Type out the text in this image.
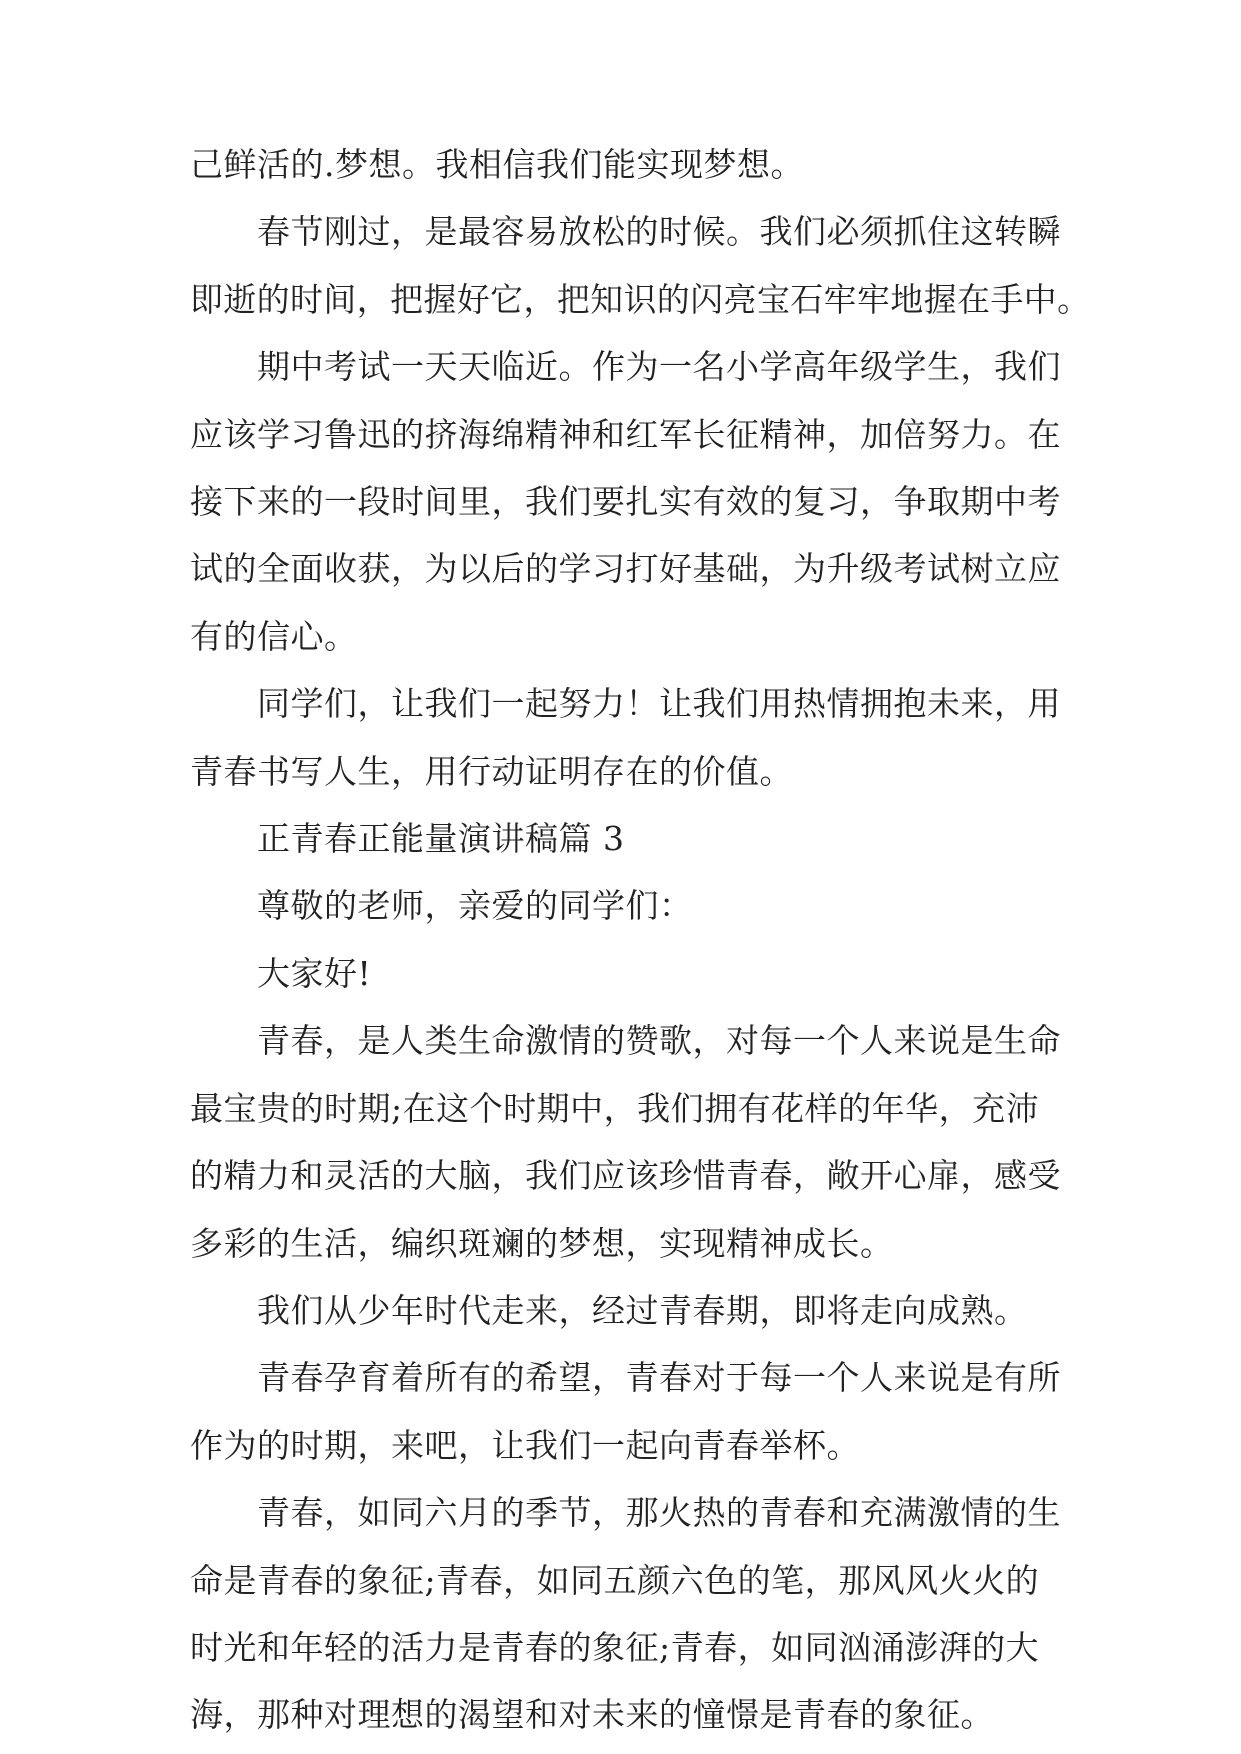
己鲜活的.梦想。我相信我们能实现梦想。

春节刚过，是最容易放松的时候。我们必须抓住这转瞬

即逝的时间，把握好它，把知识的闪亮宝石牢牢地握在手中。

期中考试一天天临近。作为一名小学高年级学生，我们

应该学习鲁迅的挤海绵精神和红军长征精神，加倍努力。在

接下来的一段时间里，我们要扎实有效的复习，争取期中考

试的全面收获，为以后的学习打好基础，为升级考试树立应

有的信心。

同学们，让我们一起努力！让我们用热情拥抱未来，用

青春书写人生，用行动证明存在的价值。

正青春正能量演讲稿篇 3

尊敬的老师，亲爱的同学们：

大家好!

青春，是人类生命激情的赞歌，对每一个人来说是生命

最宝贵的时期;在这个时期中，我们拥有花样的年华，充沛

的精力和灵活的大脑，我们应该珍惜青春，敞开心扉，感受

多彩的生活，编织斑斓的梦想，实现精神成长。

我们从少年时代走来，经过青春期，即将走向成熟。

青春孕育着所有的希望，青春对于每一个人来说是有所

作为的时期，来吧，让我们一起向青春举杯。

青春，如同六月的季节，那火热的青春和充满激情的生

命是青春的象征;青春，如同五颜六色的笔，那风风火火的

时光和年轻的活力是青春的象征;青春，如同汹涌澎湃的大

海，那种对理想的渴望和对未来的憧憬是青春的象征。
